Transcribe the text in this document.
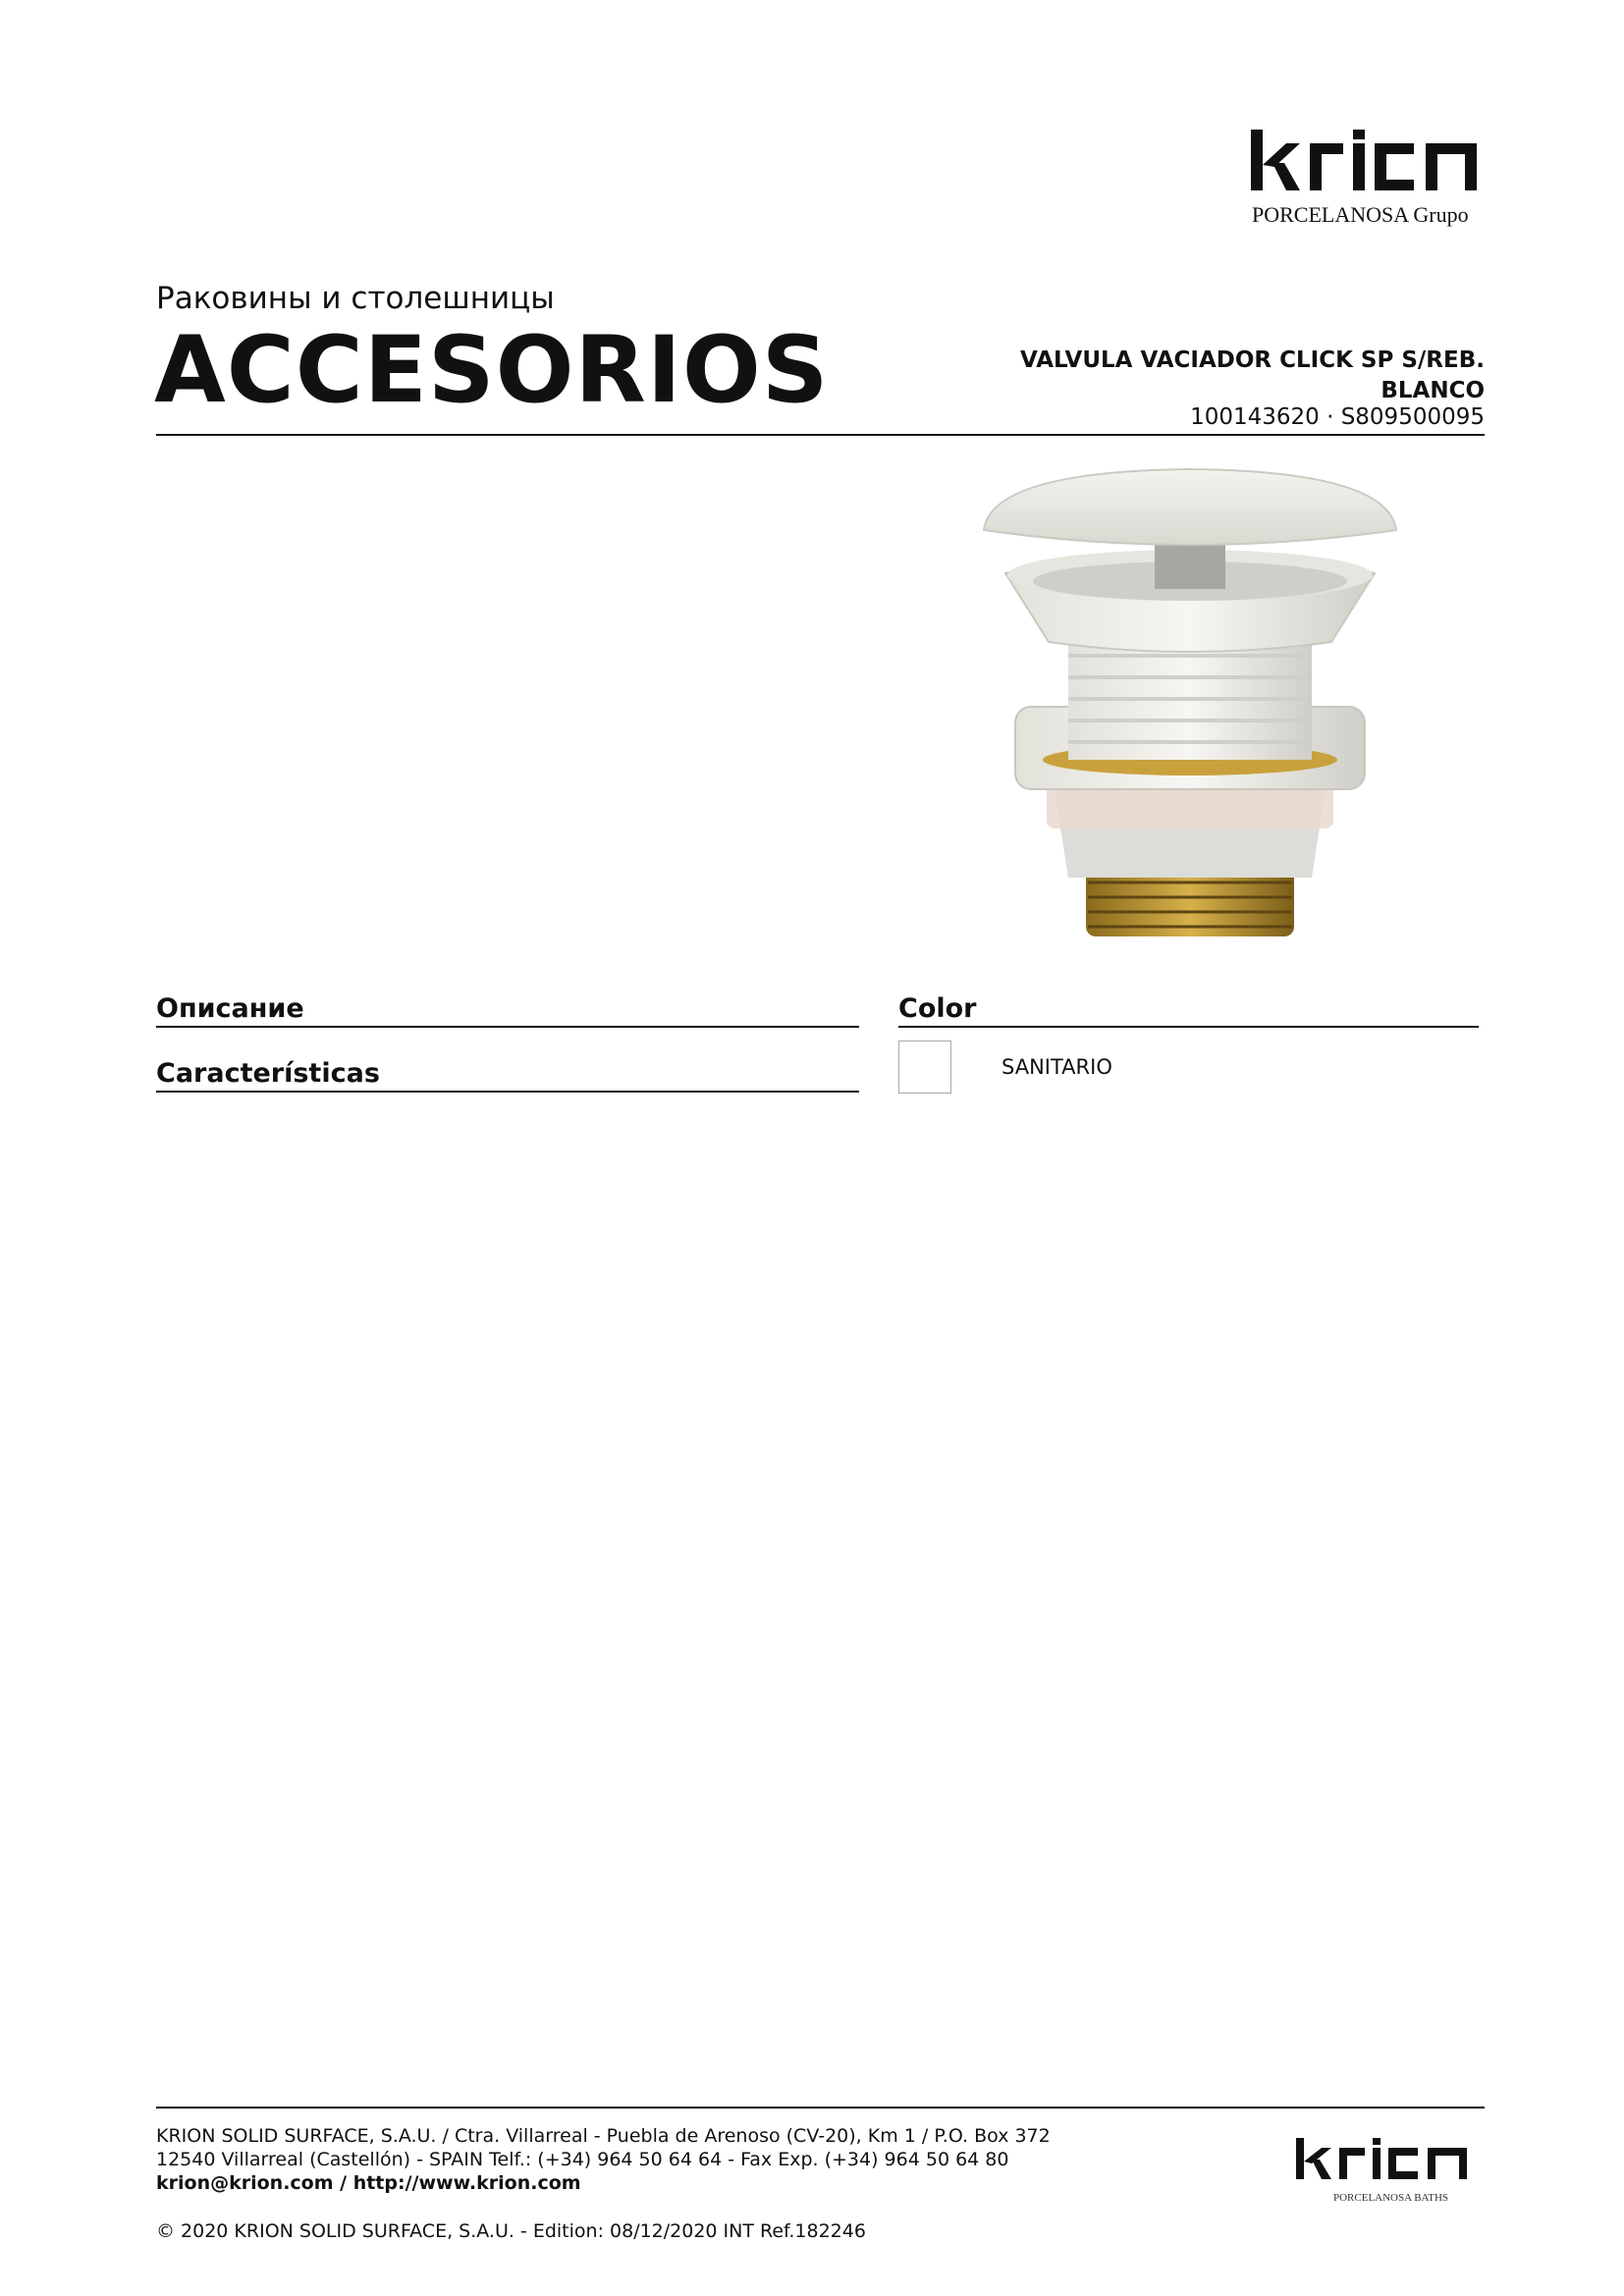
PORCELANOSA Grupo
Раковины и столешницы
ACCESORIOS	VALVULA VACIADOR CLICK SP S/REB.
BLANCO
100143620 · S809500095
Описание
Características
Color
SANITARIO
KRION SOLID SURFACE, S.A.U. / Ctra. Villarreal - Puebla de Arenoso (CV-20), Km 1 / P.O. Box 372
12540 Villarreal (Castellón) - SPAIN Telf.: (+34) 964 50 64 64 - Fax Exp. (+34) 964 50 64 80
krion@krion.com / http://www.krion.com
© 2020 KRION SOLID SURFACE, S.A.U. - Edition: 08/12/2020 INT Ref.182246
PORCELANOSA BATHS
